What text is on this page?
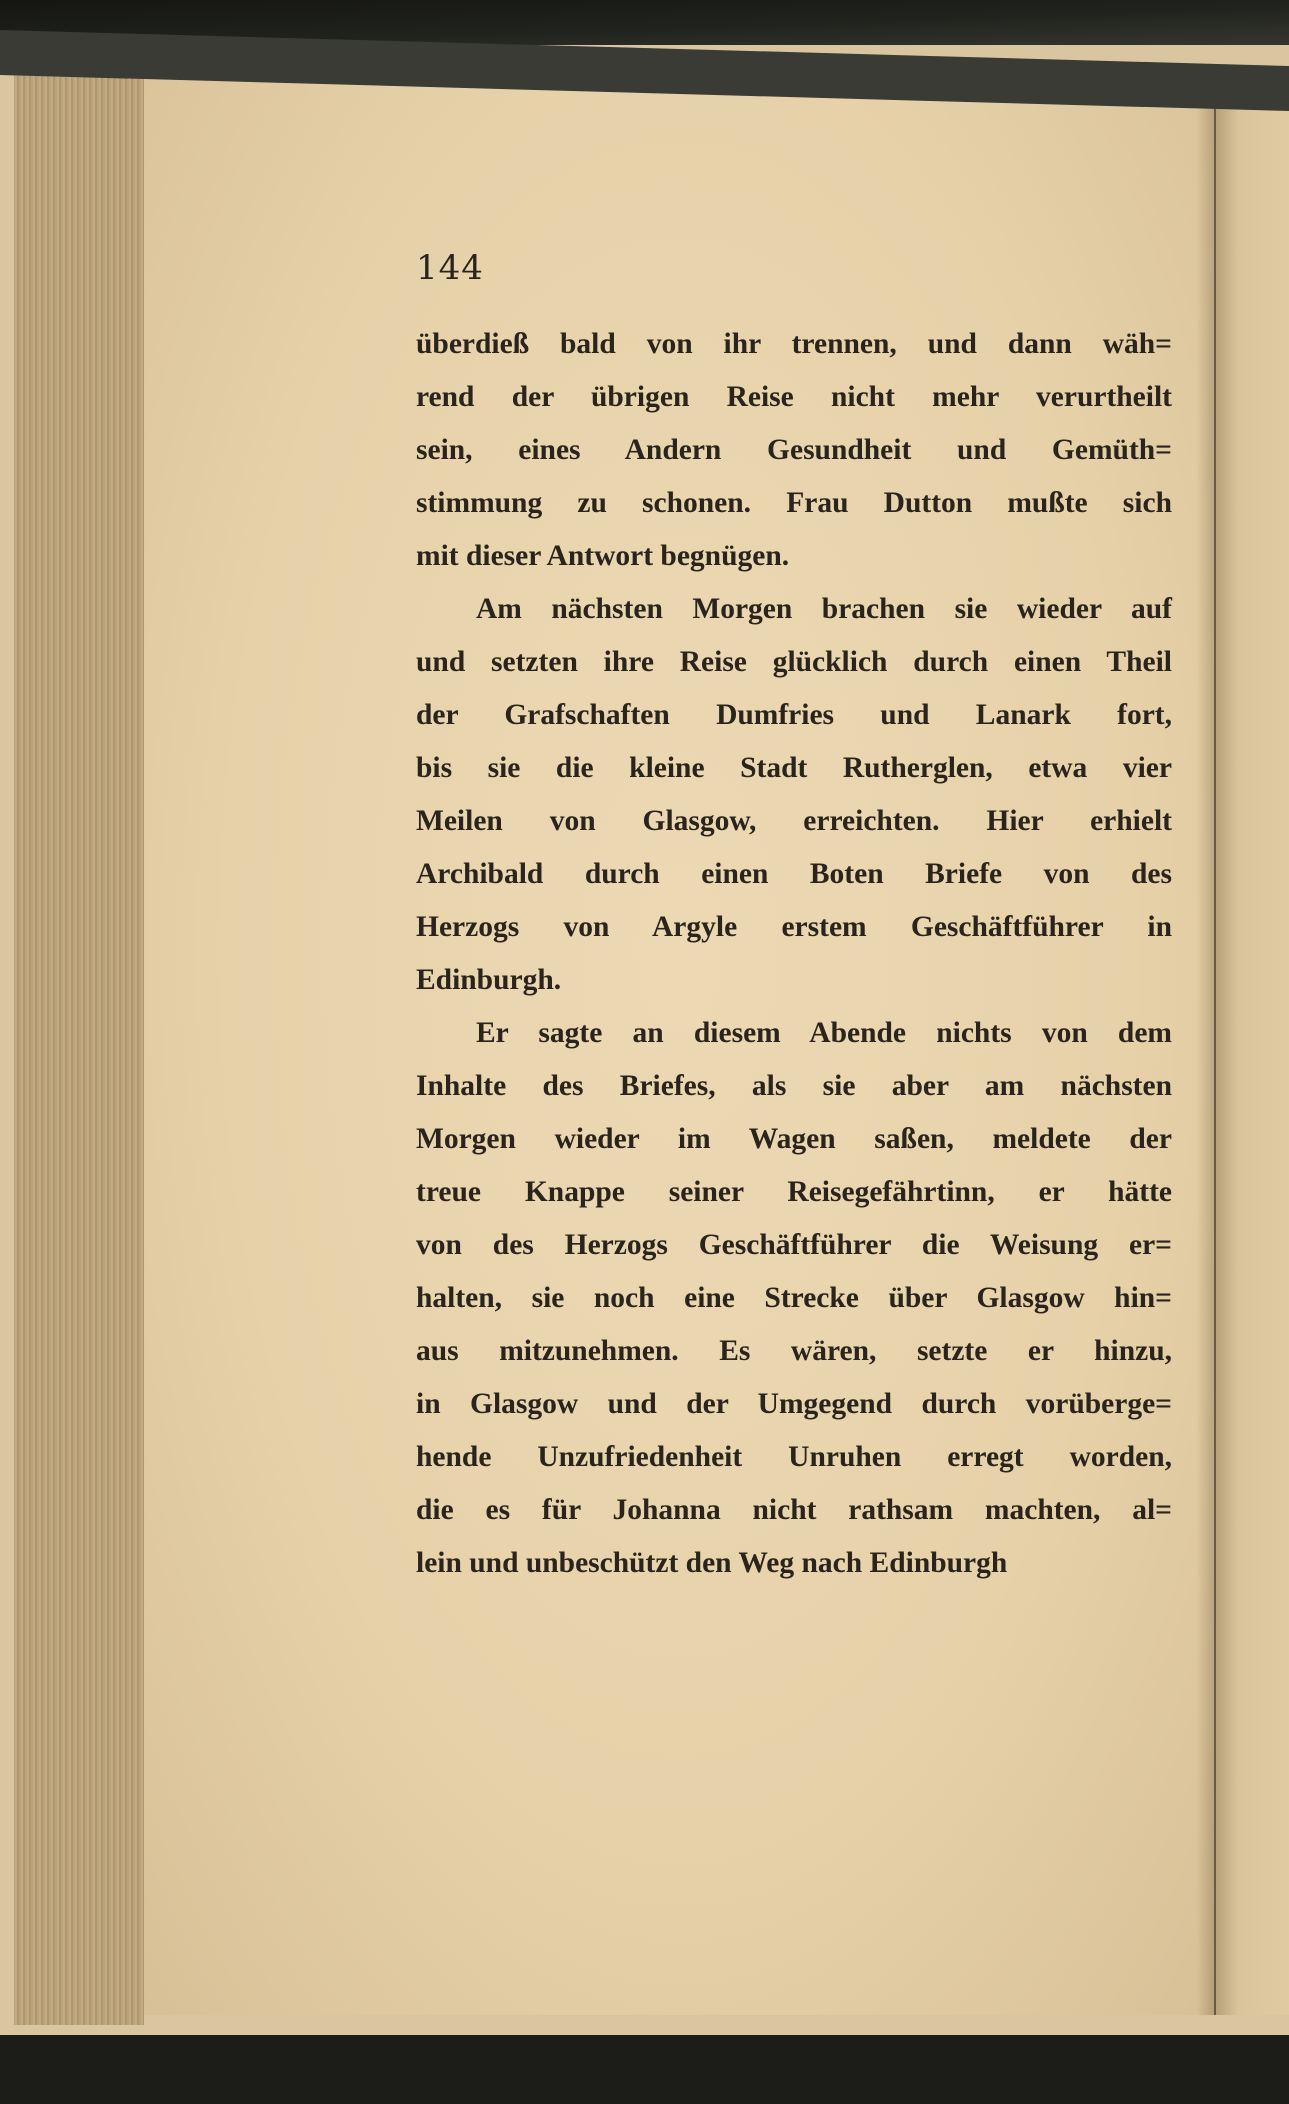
144
überdieß bald von ihr trennen, und dann wäh=
rend der übrigen Reise nicht mehr verurtheilt
sein, eines Andern Gesundheit und Gemüth=
stimmung zu schonen. Frau Dutton mußte sich
mit dieser Antwort begnügen.
Am nächsten Morgen brachen sie wieder auf
und setzten ihre Reise glücklich durch einen Theil
der Grafschaften Dumfries und Lanark fort,
bis sie die kleine Stadt Rutherglen, etwa vier
Meilen von Glasgow, erreichten. Hier erhielt
Archibald durch einen Boten Briefe von des
Herzogs von Argyle erstem Geschäftführer in
Edinburgh.
Er sagte an diesem Abende nichts von dem
Inhalte des Briefes, als sie aber am nächsten
Morgen wieder im Wagen saßen, meldete der
treue Knappe seiner Reisegefährtinn, er hätte
von des Herzogs Geschäftführer die Weisung er=
halten, sie noch eine Strecke über Glasgow hin=
aus mitzunehmen. Es wären, setzte er hinzu,
in Glasgow und der Umgegend durch vorüberge=
hende Unzufriedenheit Unruhen erregt worden,
die es für Johanna nicht rathsam machten, al=
lein und unbeschützt den Weg nach Edinburgh
